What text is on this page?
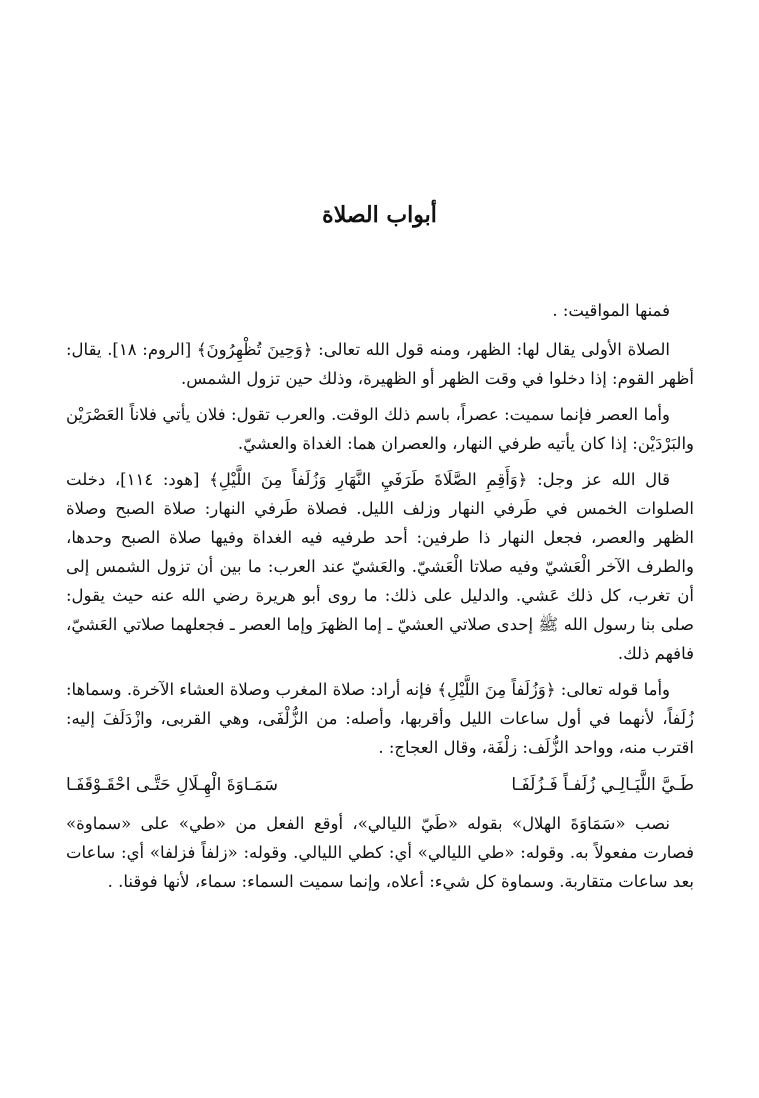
أبواب الصلاة

فمنها المواقيت: .

الصلاة الأولى يقال لها: الظهر، ومنه قول الله تعالى: ﴿وَحِينَ تُظْهِرُونَ﴾ [الروم: ١٨]. يقال: أظهر القوم: إذا دخلوا في وقت الظهر أو الظهيرة، وذلك حين تزول الشمس.

وأما العصر فإنما سميت: عصراً، باسم ذلك الوقت. والعرب تقول: فلان يأتي فلاناً العَصْرَيْن والبَرْدَيْن: إذا كان يأتيه طرفي النهار، والعصران هما: الغداة والعشيّ.

قال الله عز وجل: ﴿وَأَقِمِ الصَّلَاةَ طَرَفَيِ النَّهَارِ وَزُلَفاً مِنَ اللَّيْلِ﴾ [هود: ١١٤]، دخلت الصلوات الخمس في طَرفي النهار وزلف الليل. فصلاة طَرفي النهار: صلاة الصبح وصلاة الظهر والعصر، فجعل النهار ذا طرفين: أحد طرفيه فيه الغداة وفيها صلاة الصبح وحدها، والطرف الآخر الْعَشيّ وفيه صلاتا الْعَشيّ. والعَشيّ عند العرب: ما بين أن تزول الشمس إلى أن تغرب، كل ذلك عَشي. والدليل على ذلك: ما روى أبو هريرة رضي الله عنه حيث يقول: صلى بنا رسول الله ﷺ إحدى صلاتي العشيّ ـ إما الظهرَ وإما العصر ـ فجعلهما صلاتي العَشيّ، فافهم ذلك.

وأما قوله تعالى: ﴿وَزُلَفاً مِنَ اللَّيْلِ﴾ فإنه أراد: صلاة المغرب وصلاة العشاء الآخرة. وسماها: زُلَفاً، لأنهما في أول ساعات الليل وأقربها، وأصله: من الزُّلْفَى، وهي القربى، وازْدَلَفَ إليه: اقترب منه، وواحد الزُّلَف: زلْفَة، وقال العجاج: .

طَـيَّ اللَّيَـالِـي زُلَفـاً فَـزُلَفَـا
سَمَـاوَةَ الْهِـلَالِ حَتَّـى احْقَـوْقَفَـا

نصب «سَمَاوَةَ الهلال» بقوله «طَيّ الليالي»، أوقع الفعل من «طي» على «سماوة» فصارت مفعولاً به. وقوله: «طي الليالي» أي: كطي الليالي. وقوله: «زلفاً فزلفا» أي: ساعات بعد ساعات متقاربة. وسماوة كل شيء: أعلاه، وإنما سميت السماء: سماء، لأنها فوقنا. .
